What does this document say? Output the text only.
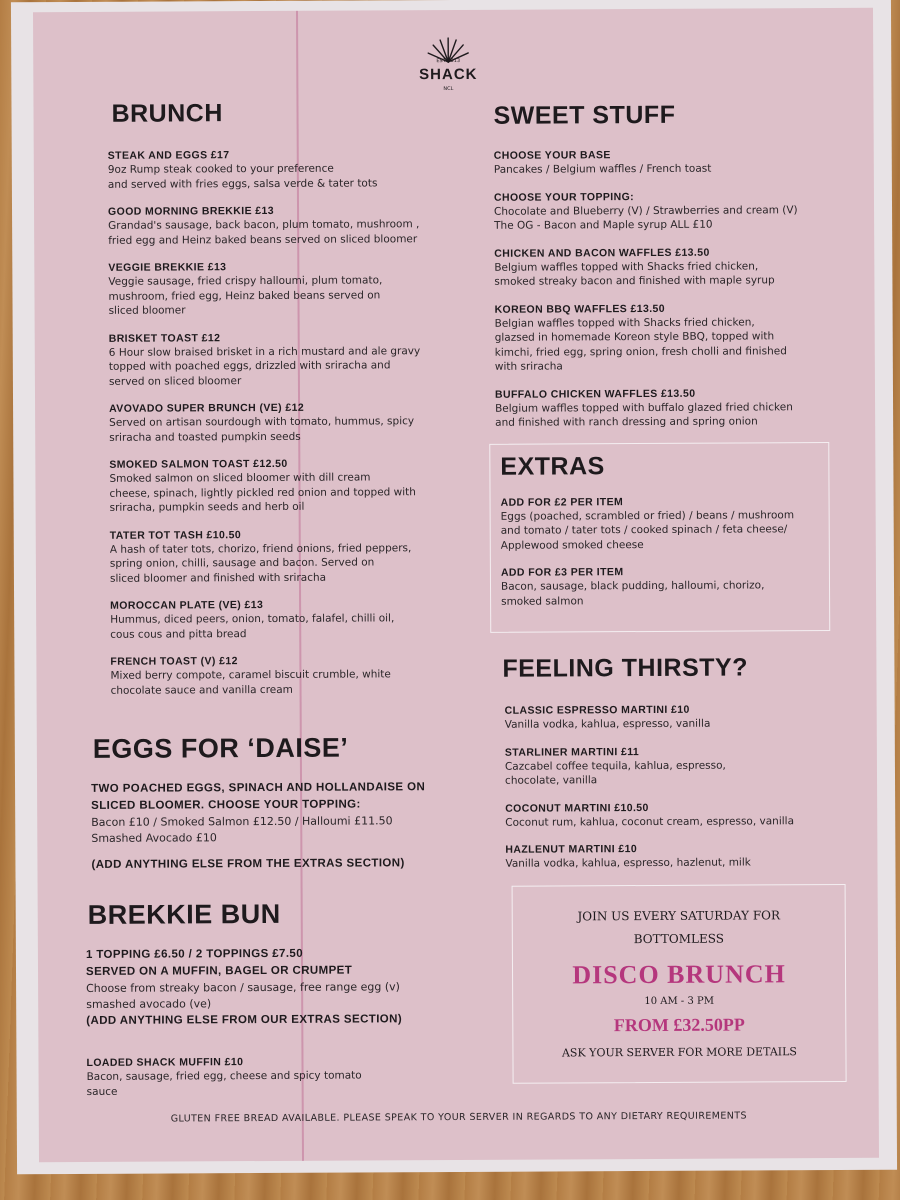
EST 2013
SHACK
NCL
BRUNCH
STEAK AND EGGS £17
9oz Rump steak cooked to your preference
and served with fries eggs, salsa verde & tater tots
GOOD MORNING BREKKIE £13
Grandad's sausage, back bacon, plum tomato, mushroom ,
fried egg and Heinz baked beans served on sliced bloomer
VEGGIE BREKKIE £13
Veggie sausage, fried crispy halloumi, plum tomato,
mushroom, fried egg, Heinz baked beans served on
sliced bloomer
BRISKET TOAST £12
6 Hour slow braised brisket in a rich mustard and ale gravy
topped with poached eggs, drizzled with sriracha and
served on sliced bloomer
AVOVADO SUPER BRUNCH (VE) £12
Served on artisan sourdough with tomato, hummus, spicy
sriracha and toasted pumpkin seeds
SMOKED SALMON TOAST £12.50
Smoked salmon on sliced bloomer with dill cream
cheese, spinach, lightly pickled red onion and topped with
sriracha, pumpkin seeds and herb oil
TATER TOT TASH £10.50
A hash of tater tots, chorizo, friend onions, fried peppers,
spring onion, chilli, sausage and bacon. Served on
sliced bloomer and finished with sriracha
MOROCCAN PLATE (VE) £13
Hummus, diced peers, onion, tomato, falafel, chilli oil,
cous cous and pitta bread
FRENCH TOAST (V) £12
Mixed berry compote, caramel biscuit crumble, white
chocolate sauce and vanilla cream
EGGS FOR ‘DAISE’
TWO POACHED EGGS, SPINACH AND HOLLANDAISE ON
SLICED BLOOMER. CHOOSE YOUR TOPPING:
Bacon £10 / Smoked Salmon £12.50 / Halloumi £11.50
Smashed Avocado £10
(ADD ANYTHING ELSE FROM THE EXTRAS SECTION)
BREKKIE BUN
1 TOPPING £6.50 / 2 TOPPINGS £7.50
SERVED ON A MUFFIN, BAGEL OR CRUMPET
Choose from streaky bacon / sausage, free range egg (v)
smashed avocado (ve)
(ADD ANYTHING ELSE FROM OUR EXTRAS SECTION)
LOADED SHACK MUFFIN £10
Bacon, sausage, fried egg, cheese and spicy tomato
sauce
SWEET STUFF
CHOOSE YOUR BASE
Pancakes / Belgium waffles / French toast
CHOOSE YOUR TOPPING:
Chocolate and Blueberry (V) / Strawberries and cream (V)
The OG - Bacon and Maple syrup ALL £10
CHICKEN AND BACON WAFFLES £13.50
Belgium waffles topped with Shacks fried chicken,
smoked streaky bacon and finished with maple syrup
KOREON BBQ WAFFLES £13.50
Belgian waffles topped with Shacks fried chicken,
glazsed in homemade Koreon style BBQ, topped with
kimchi, fried egg, spring onion, fresh cholli and finished
with sriracha
BUFFALO CHICKEN WAFFLES £13.50
Belgium waffles topped with buffalo glazed fried chicken
and finished with ranch dressing and spring onion
EXTRAS
ADD FOR £2 PER ITEM
Eggs (poached, scrambled or fried) / beans / mushroom
and tomato / tater tots / cooked spinach / feta cheese/
Applewood smoked cheese
ADD FOR £3 PER ITEM
Bacon, sausage, black pudding, halloumi, chorizo,
smoked salmon
FEELING THIRSTY?
CLASSIC ESPRESSO MARTINI £10
Vanilla vodka, kahlua, espresso, vanilla
STARLINER MARTINI £11
Cazcabel coffee tequila, kahlua, espresso,
chocolate, vanilla
COCONUT MARTINI £10.50
Coconut rum, kahlua, coconut cream, espresso, vanilla
HAZLENUT MARTINI £10
Vanilla vodka, kahlua, espresso, hazlenut, milk
JOIN US EVERY SATURDAY FOR
BOTTOMLESS
DISCO BRUNCH
10 AM - 3 PM
FROM £32.50PP
ASK YOUR SERVER FOR MORE DETAILS
GLUTEN FREE BREAD AVAILABLE. PLEASE SPEAK TO YOUR SERVER IN REGARDS TO ANY DIETARY REQUIREMENTS
